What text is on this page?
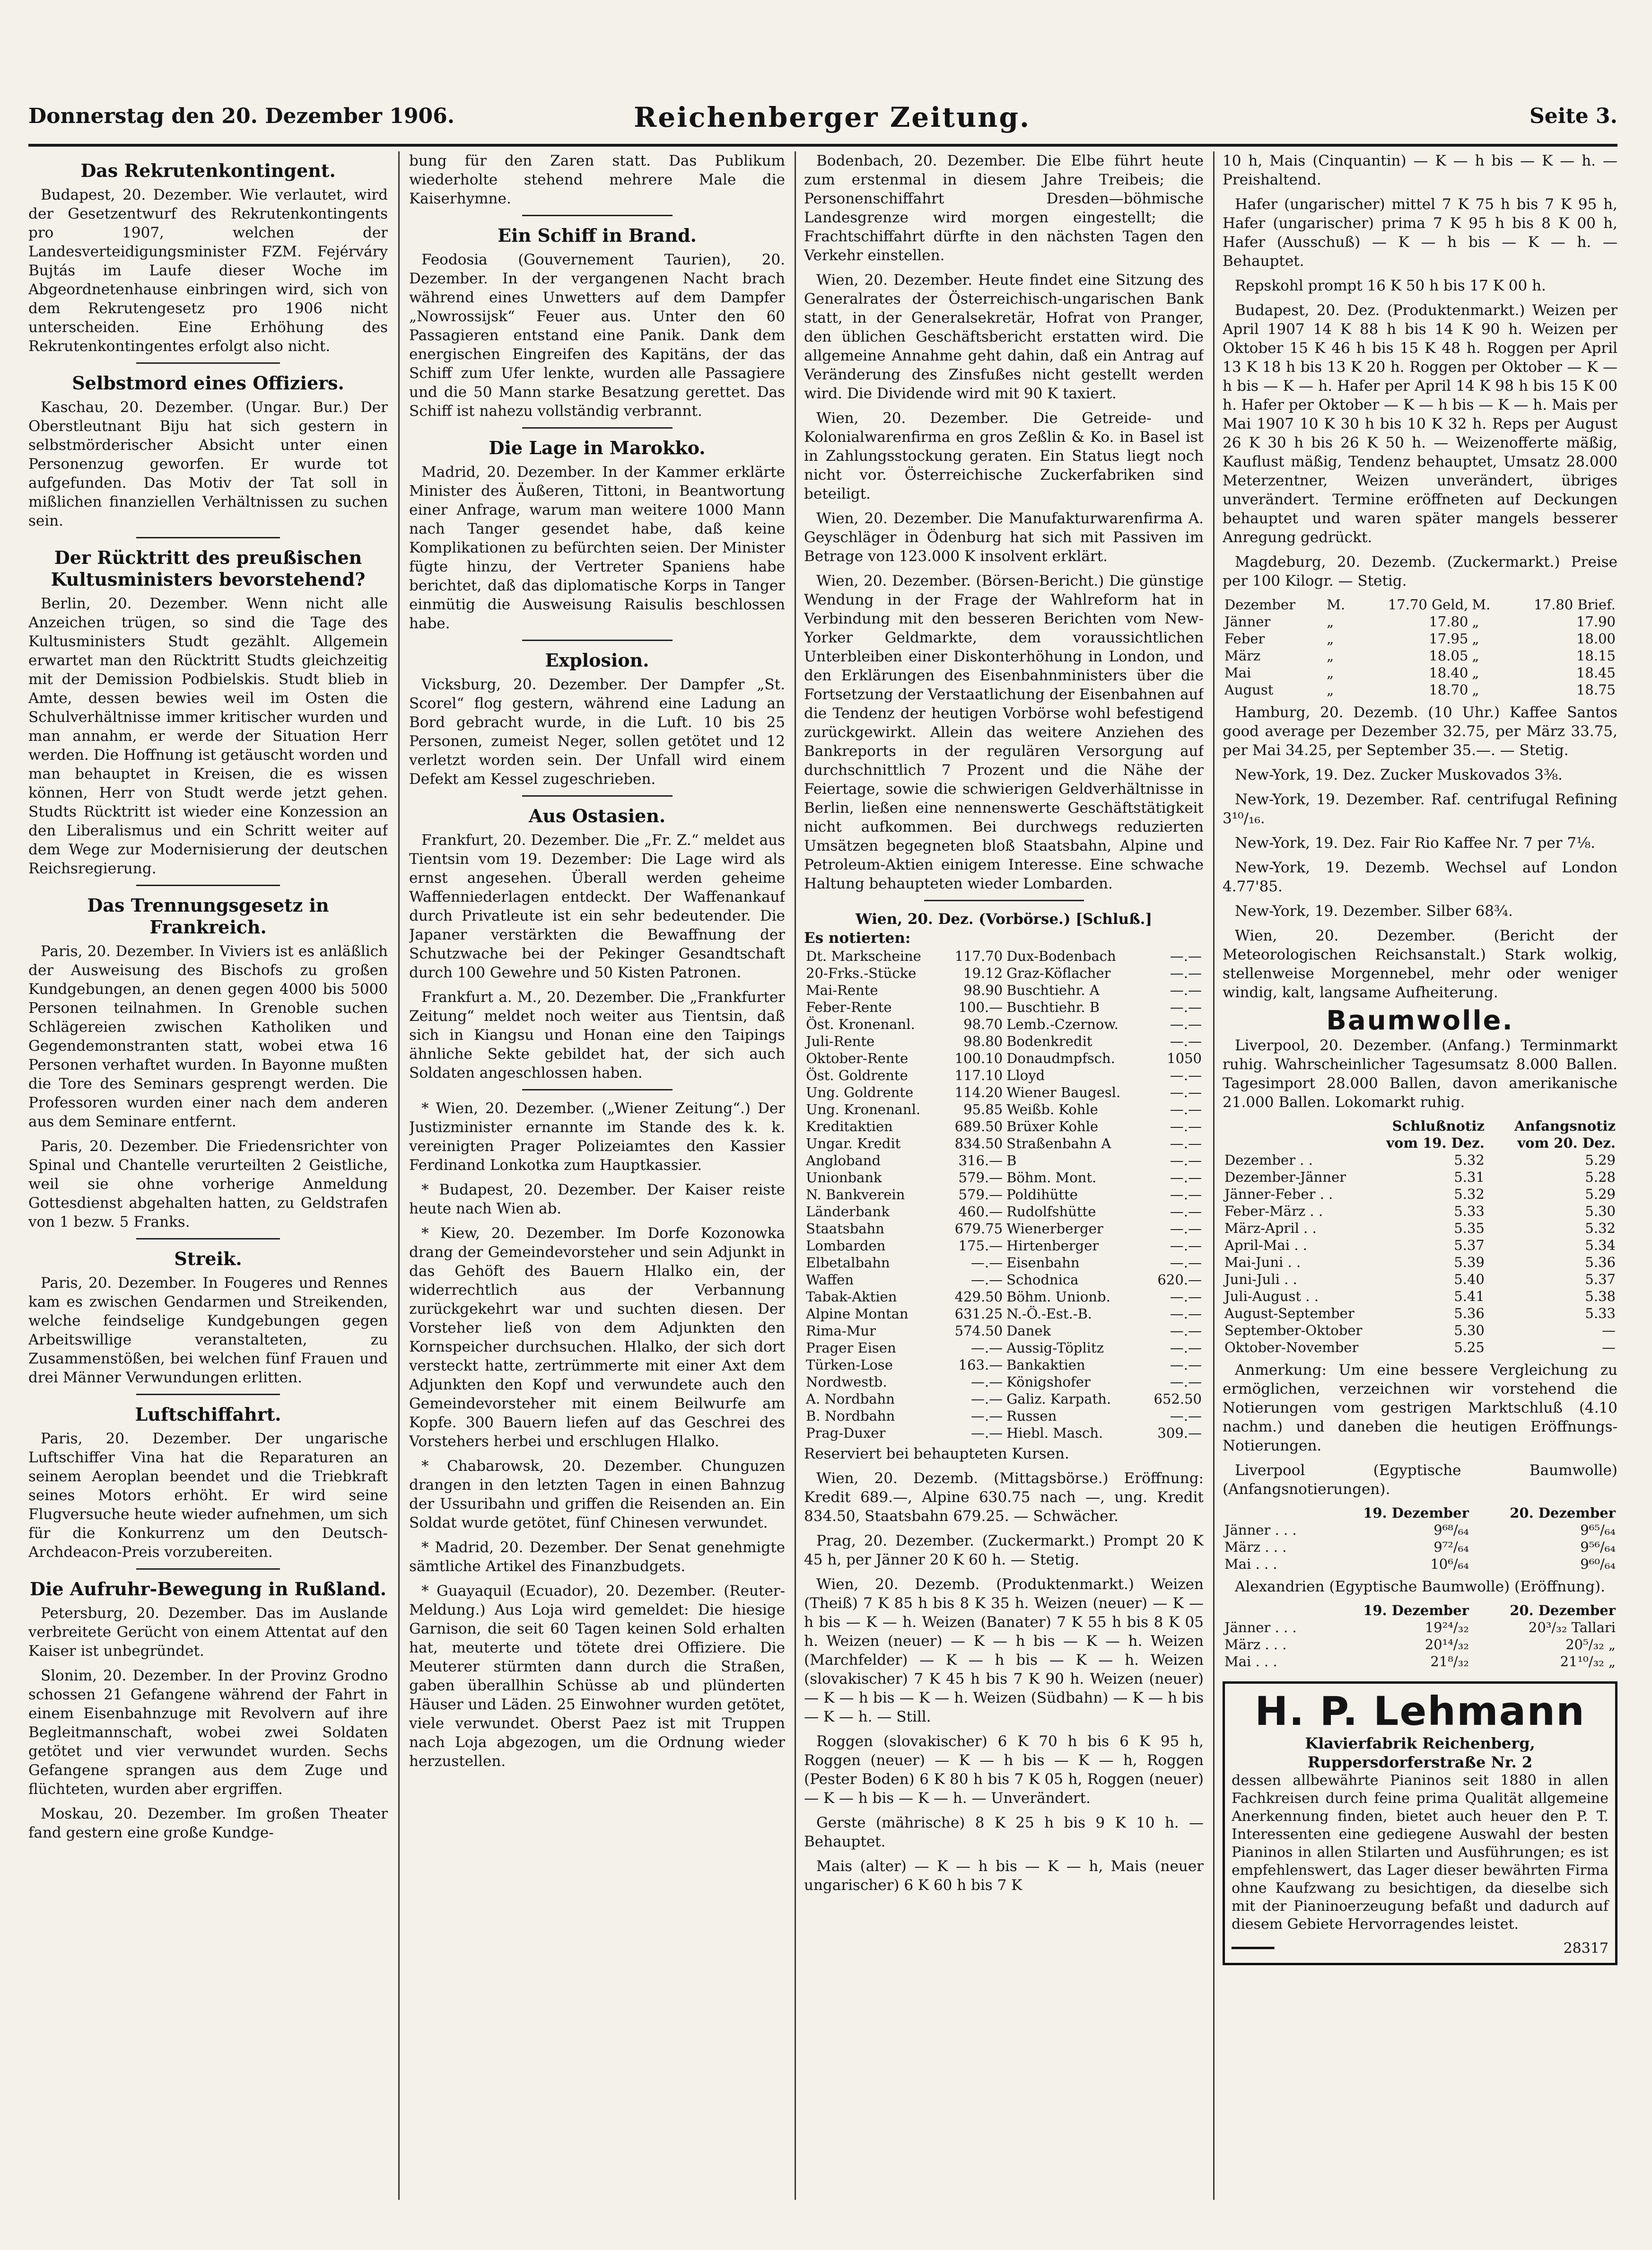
Donnerstag den 20. Dezember 1906.	Reichenberger Zeitung.	Seite 3.
Das Rekrutenkontingent.

Budapest, 20. Dezember. Wie verlautet, wird der Gesetzentwurf des Rekrutenkontingents pro 1907, welchen der Landesverteidigungsminister FZM. Fejérváry Bujtás im Laufe dieser Woche im Abgeordnetenhause einbringen wird, sich von dem Rekrutengesetz pro 1906 nicht unterscheiden. Eine Erhöhung des Rekrutenkontingentes erfolgt also nicht.

Selbstmord eines Offiziers.

Kaschau, 20. Dezember. (Ungar. Bur.) Der Oberstleutnant Biju hat sich gestern in selbstmörderischer Absicht unter einen Personenzug geworfen. Er wurde tot aufgefunden. Das Motiv der Tat soll in mißlichen finanziellen Verhältnissen zu suchen sein.

Der Rücktritt des preußischen Kultusministers bevorstehend?

Berlin, 20. Dezember. Wenn nicht alle Anzeichen trügen, so sind die Tage des Kultusministers Studt gezählt. Allgemein erwartet man den Rücktritt Studts gleichzeitig mit der Demission Podbielskis. Studt blieb in Amte, dessen bewies weil im Osten die Schulverhältnisse immer kritischer wurden und man annahm, er werde der Situation Herr werden. Die Hoffnung ist getäuscht worden und man behauptet in Kreisen, die es wissen können, Herr von Studt werde jetzt gehen. Studts Rücktritt ist wieder eine Konzession an den Liberalismus und ein Schritt weiter auf dem Wege zur Modernisierung der deutschen Reichsregierung.

Das Trennungsgesetz in Frankreich.

Paris, 20. Dezember. In Viviers ist es anläßlich der Ausweisung des Bischofs zu großen Kundgebungen, an denen gegen 4000 bis 5000 Personen teilnahmen. In Grenoble suchen Schlägereien zwischen Katholiken und Gegendemonstranten statt, wobei etwa 16 Personen verhaftet wurden. In Bayonne mußten die Tore des Seminars gesprengt werden. Die Professoren wurden einer nach dem anderen aus dem Seminare entfernt.

Paris, 20. Dezember. Die Friedensrichter von Spinal und Chantelle verurteilten 2 Geistliche, weil sie ohne vorherige Anmeldung Gottesdienst abgehalten hatten, zu Geldstrafen von 1 bezw. 5 Franks.

Streik.

Paris, 20. Dezember. In Fougeres und Rennes kam es zwischen Gendarmen und Streikenden, welche feindselige Kundgebungen gegen Arbeitswillige veranstalteten, zu Zusammenstößen, bei welchen fünf Frauen und drei Männer Verwundungen erlitten.

Luftschiffahrt.

Paris, 20. Dezember. Der ungarische Luftschiffer Vina hat die Reparaturen an seinem Aeroplan beendet und die Triebkraft seines Motors erhöht. Er wird seine Flugversuche heute wieder aufnehmen, um sich für die Konkurrenz um den Deutsch-Archdeacon-Preis vorzubereiten.

Die Aufruhr-Bewegung in Rußland.

Petersburg, 20. Dezember. Das im Auslande verbreitete Gerücht von einem Attentat auf den Kaiser ist unbegründet.

Slonim, 20. Dezember. In der Provinz Grodno schossen 21 Gefangene während der Fahrt in einem Eisenbahnzuge mit Revolvern auf ihre Begleitmannschaft, wobei zwei Soldaten getötet und vier verwundet wurden. Sechs Gefangene sprangen aus dem Zuge und flüchteten, wurden aber ergriffen.

Moskau, 20. Dezember. Im großen Theater fand gestern eine große Kundge-

bung für den Zaren statt. Das Publikum wiederholte stehend mehrere Male die Kaiserhymne.

Ein Schiff in Brand.

Feodosia (Gouvernement Taurien), 20. Dezember. In der vergangenen Nacht brach während eines Unwetters auf dem Dampfer „Nowrossijsk“ Feuer aus. Unter den 60 Passagieren entstand eine Panik. Dank dem energischen Eingreifen des Kapitäns, der das Schiff zum Ufer lenkte, wurden alle Passagiere und die 50 Mann starke Besatzung gerettet. Das Schiff ist nahezu vollständig verbrannt.

Die Lage in Marokko.

Madrid, 20. Dezember. In der Kammer erklärte Minister des Äußeren, Tittoni, in Beantwortung einer Anfrage, warum man weitere 1000 Mann nach Tanger gesendet habe, daß keine Komplikationen zu befürchten seien. Der Minister fügte hinzu, der Vertreter Spaniens habe berichtet, daß das diplomatische Korps in Tanger einmütig die Ausweisung Raisulis beschlossen habe.

Explosion.

Vicksburg, 20. Dezember. Der Dampfer „St. Scorel“ flog gestern, während eine Ladung an Bord gebracht wurde, in die Luft. 10 bis 25 Personen, zumeist Neger, sollen getötet und 12 verletzt worden sein. Der Unfall wird einem Defekt am Kessel zugeschrieben.

Aus Ostasien.

Frankfurt, 20. Dezember. Die „Fr. Z.“ meldet aus Tientsin vom 19. Dezember: Die Lage wird als ernst angesehen. Überall werden geheime Waffenniederlagen entdeckt. Der Waffenankauf durch Privatleute ist ein sehr bedeutender. Die Japaner verstärkten die Bewaffnung der Schutzwache bei der Pekinger Gesandtschaft durch 100 Gewehre und 50 Kisten Patronen.

Frankfurt a. M., 20. Dezember. Die „Frankfurter Zeitung“ meldet noch weiter aus Tientsin, daß sich in Kiangsu und Honan eine den Taipings ähnliche Sekte gebildet hat, der sich auch Soldaten angeschlossen haben.

* Wien, 20. Dezember. („Wiener Zeitung“.) Der Justizminister ernannte im Stande des k. k. vereinigten Prager Polizeiamtes den Kassier Ferdinand Lonkotka zum Hauptkassier.

* Budapest, 20. Dezember. Der Kaiser reiste heute nach Wien ab.

* Kiew, 20. Dezember. Im Dorfe Kozonowka drang der Gemeindevorsteher und sein Adjunkt in das Gehöft des Bauern Hlalko ein, der widerrechtlich aus der Verbannung zurückgekehrt war und suchten diesen. Der Vorsteher ließ von dem Adjunkten den Kornspeicher durchsuchen. Hlalko, der sich dort versteckt hatte, zertrümmerte mit einer Axt dem Adjunkten den Kopf und verwundete auch den Gemeindevorsteher mit einem Beilwurfe am Kopfe. 300 Bauern liefen auf das Geschrei des Vorstehers herbei und erschlugen Hlalko.

* Chabarowsk, 20. Dezember. Chunguzen drangen in den letzten Tagen in einen Bahnzug der Ussuribahn und griffen die Reisenden an. Ein Soldat wurde getötet, fünf Chinesen verwundet.

* Madrid, 20. Dezember. Der Senat genehmigte sämtliche Artikel des Finanzbudgets.

* Guayaquil (Ecuador), 20. Dezember. (Reuter-Meldung.) Aus Loja wird gemeldet: Die hiesige Garnison, die seit 60 Tagen keinen Sold erhalten hat, meuterte und tötete drei Offiziere. Die Meuterer stürmten dann durch die Straßen, gaben überallhin Schüsse ab und plünderten Häuser und Läden. 25 Einwohner wurden getötet, viele verwundet. Oberst Paez ist mit Truppen nach Loja abgezogen, um die Ordnung wieder herzustellen.

Bodenbach, 20. Dezember. Die Elbe führt heute zum erstenmal in diesem Jahre Treibeis; die Personenschiffahrt Dresden—böhmische Landesgrenze wird morgen eingestellt; die Frachtschiffahrt dürfte in den nächsten Tagen den Verkehr einstellen.

Wien, 20. Dezember. Heute findet eine Sitzung des Generalrates der Österreichisch-ungarischen Bank statt, in der Generalsekretär, Hofrat von Pranger, den üblichen Geschäftsbericht erstatten wird. Die allgemeine Annahme geht dahin, daß ein Antrag auf Veränderung des Zinsfußes nicht gestellt werden wird. Die Dividende wird mit 90 K taxiert.

Wien, 20. Dezember. Die Getreide- und Kolonialwarenfirma en gros Zeßlin & Ko. in Basel ist in Zahlungsstockung geraten. Ein Status liegt noch nicht vor. Österreichische Zuckerfabriken sind beteiligt.

Wien, 20. Dezember. Die Manufakturwarenfirma A. Geyschläger in Ödenburg hat sich mit Passiven im Betrage von 123.000 K insolvent erklärt.

Wien, 20. Dezember. (Börsen-Bericht.) Die günstige Wendung in der Frage der Wahlreform hat in Verbindung mit den besseren Berichten vom New-Yorker Geldmarkte, dem voraussichtlichen Unterbleiben einer Diskonterhöhung in London, und den Erklärungen des Eisenbahnministers über die Fortsetzung der Verstaatlichung der Eisenbahnen auf die Tendenz der heutigen Vorbörse wohl befestigend zurückgewirkt. Allein das weitere Anziehen des Bankreports in der regulären Versorgung auf durchschnittlich 7 Prozent und die Nähe der Feiertage, sowie die schwierigen Geldverhältnisse in Berlin, ließen eine nennenswerte Geschäftstätigkeit nicht aufkommen. Bei durchwegs reduzierten Umsätzen begegneten bloß Staatsbahn, Alpine und Petroleum-Aktien einigem Interesse. Eine schwache Haltung behaupteten wieder Lombarden.

Wien, 20. Dez. (Vorbörse.) [Schluß.]
Es notierten:
Dt. Markscheine	117.70	Dux-Bodenbach	—.—
20-Frks.-Stücke	19.12	Graz-Köflacher	—.—
Mai-Rente	98.90	Buschtiehr. A	—.—
Feber-Rente	100.—	Buschtiehr. B	—.—
Öst. Kronenanl.	98.70	Lemb.-Czernow.	—.—
Juli-Rente	98.80	Bodenkredit	—.—
Oktober-Rente	100.10	Donaudmpfsch.	1050
Öst. Goldrente	117.10	Lloyd	—.—
Ung. Goldrente	114.20	Wiener Baugesl.	—.—
Ung. Kronenanl.	95.85	Weißb. Kohle	—.—
Kreditaktien	689.50	Brüxer Kohle	—.—
Ungar. Kredit	834.50	Straßenbahn A	—.—
Angloband	316.—	B	—.—
Unionbank	579.—	Böhm. Mont.	—.—
N. Bankverein	579.—	Poldihütte	—.—
Länderbank	460.—	Rudolfshütte	—.—
Staatsbahn	679.75	Wienerberger	—.—
Lombarden	175.—	Hirtenberger	—.—
Elbetalbahn	—.—	Eisenbahn	—.—
Waffen	—.—	Schodnica	620.—
Tabak-Aktien	429.50	Böhm. Unionb.	—.—
Alpine Montan	631.25	N.-Ö.-Est.-B.	—.—
Rima-Mur	574.50	Danek	—.—
Prager Eisen	—.—	Aussig-Töplitz	—.—
Türken-Lose	163.—	Bankaktien	—.—
Nordwestb.	—.—	Königshofer	—.—
A. Nordbahn	—.—	Galiz. Karpath.	652.50
B. Nordbahn	—.—	Russen	—.—
Prag-Duxer	—.—	Hiebl. Masch.	309.—

Reserviert bei behaupteten Kursen.

Wien, 20. Dezemb. (Mittagsbörse.) Eröffnung: Kredit 689.—, Alpine 630.75 nach —, ung. Kredit 834.50, Staatsbahn 679.25. — Schwächer.

Prag, 20. Dezember. (Zuckermarkt.) Prompt 20 K 45 h, per Jänner 20 K 60 h. — Stetig.

Wien, 20. Dezemb. (Produktenmarkt.) Weizen (Theiß) 7 K 85 h bis 8 K 35 h. Weizen (neuer) — K — h bis — K — h. Weizen (Banater) 7 K 55 h bis 8 K 05 h. Weizen (neuer) — K — h bis — K — h. Weizen (Marchfelder) — K — h bis — K — h. Weizen (slovakischer) 7 K 45 h bis 7 K 90 h. Weizen (neuer) — K — h bis — K — h. Weizen (Südbahn) — K — h bis — K — h. — Still.

Roggen (slovakischer) 6 K 70 h bis 6 K 95 h, Roggen (neuer) — K — h bis — K — h, Roggen (Pester Boden) 6 K 80 h bis 7 K 05 h, Roggen (neuer) — K — h bis — K — h. — Unverändert.

Gerste (mährische) 8 K 25 h bis 9 K 10 h. — Behauptet.

Mais (alter) — K — h bis — K — h, Mais (neuer ungarischer) 6 K 60 h bis 7 K

10 h, Mais (Cinquantin) — K — h bis — K — h. — Preishaltend.

Hafer (ungarischer) mittel 7 K 75 h bis 7 K 95 h, Hafer (ungarischer) prima 7 K 95 h bis 8 K 00 h, Hafer (Ausschuß) — K — h bis — K — h. — Behauptet.

Repskohl prompt 16 K 50 h bis 17 K 00 h.

Budapest, 20. Dez. (Produktenmarkt.) Weizen per April 1907 14 K 88 h bis 14 K 90 h. Weizen per Oktober 15 K 46 h bis 15 K 48 h. Roggen per April 13 K 18 h bis 13 K 20 h. Roggen per Oktober — K — h bis — K — h. Hafer per April 14 K 98 h bis 15 K 00 h. Hafer per Oktober — K — h bis — K — h. Mais per Mai 1907 10 K 30 h bis 10 K 32 h. Reps per August 26 K 30 h bis 26 K 50 h. — Weizenofferte mäßig, Kauflust mäßig, Tendenz behauptet, Umsatz 28.000 Meterzentner, Weizen unverändert, übriges unverändert. Termine eröffneten auf Deckungen behauptet und waren später mangels besserer Anregung gedrückt.

Magdeburg, 20. Dezemb. (Zuckermarkt.) Preise per 100 Kilogr. — Stetig.

Dezember	M.	17.70 Geld,	M.	17.80 Brief.
Jänner	„	17.80	„	17.90
Feber	„	17.95	„	18.00
März	„	18.05	„	18.15
Mai	„	18.40	„	18.45
August	„	18.70	„	18.75

Hamburg, 20. Dezemb. (10 Uhr.) Kaffee Santos good average per Dezember 32.75, per März 33.75, per Mai 34.25, per September 35.—. — Stetig.

New-York, 19. Dez. Zucker Muskovados 3⅜.

New-York, 19. Dezember. Raf. centrifugal Refining 3¹⁰/₁₆.

New-York, 19. Dez. Fair Rio Kaffee Nr. 7 per 7⅛.

New-York, 19. Dezemb. Wechsel auf London 4.77'85.

New-York, 19. Dezember. Silber 68¾.

Wien, 20. Dezember. (Bericht der Meteorologischen Reichsanstalt.) Stark wolkig, stellenweise Morgennebel, mehr oder weniger windig, kalt, langsame Aufheiterung.

Baumwolle.

Liverpool, 20. Dezember. (Anfang.) Terminmarkt ruhig. Wahrscheinlicher Tagesumsatz 8.000 Ballen. Tagesimport 28.000 Ballen, davon amerikanische 21.000 Ballen. Lokomarkt ruhig.

	Schlußnotiz vom 19. Dez.	Anfangsnotiz vom 20. Dez.
Dezember . .	5.32	5.29
Dezember-Jänner	5.31	5.28
Jänner-Feber . .	5.32	5.29
Feber-März . .	5.33	5.30
März-April . .	5.35	5.32
April-Mai . .	5.37	5.34
Mai-Juni . .	5.39	5.36
Juni-Juli . .	5.40	5.37
Juli-August . .	5.41	5.38
August-September	5.36	5.33
September-Oktober	5.30	—
Oktober-November	5.25	—

Anmerkung: Um eine bessere Vergleichung zu ermöglichen, verzeichnen wir vorstehend die Notierungen vom gestrigen Marktschluß (4.10 nachm.) und daneben die heutigen Eröffnungs-Notierungen.

Liverpool (Egyptische Baumwolle) (Anfangsnotierungen).

	19. Dezember	20. Dezember
Jänner . . .	9⁶⁸/₆₄	9⁶⁵/₆₄
März . . .	9⁷²/₆₄	9⁵⁶/₆₄
Mai . . .	10⁶/₆₄	9⁶⁰/₆₄

Alexandrien (Egyptische Baumwolle) (Eröffnung).

	19. Dezember	20. Dezember
Jänner . . .	19²⁴/₃₂	20³/₃₂ Tallari
März . . .	20¹⁴/₃₂	20⁵/₃₂ „
Mai . . .	21⁸/₃₂	21¹⁰/₃₂ „
H. P. Lehmann
Klavierfabrik Reichenberg,
Ruppersdorferstraße Nr. 2

dessen allbewährte Pianinos seit 1880 in allen Fachkreisen durch feine prima Qualität allgemeine Anerkennung finden, bietet auch heuer den P. T. Interessenten eine gediegene Auswahl der besten Pianinos in allen Stilarten und Ausführungen; es ist empfehlenswert, das Lager dieser bewährten Firma ohne Kaufzwang zu besichtigen, da dieselbe sich mit der Pianinoerzeugung befaßt und dadurch auf diesem Gebiete Hervorragendes leistet.

━━━━━	28317
